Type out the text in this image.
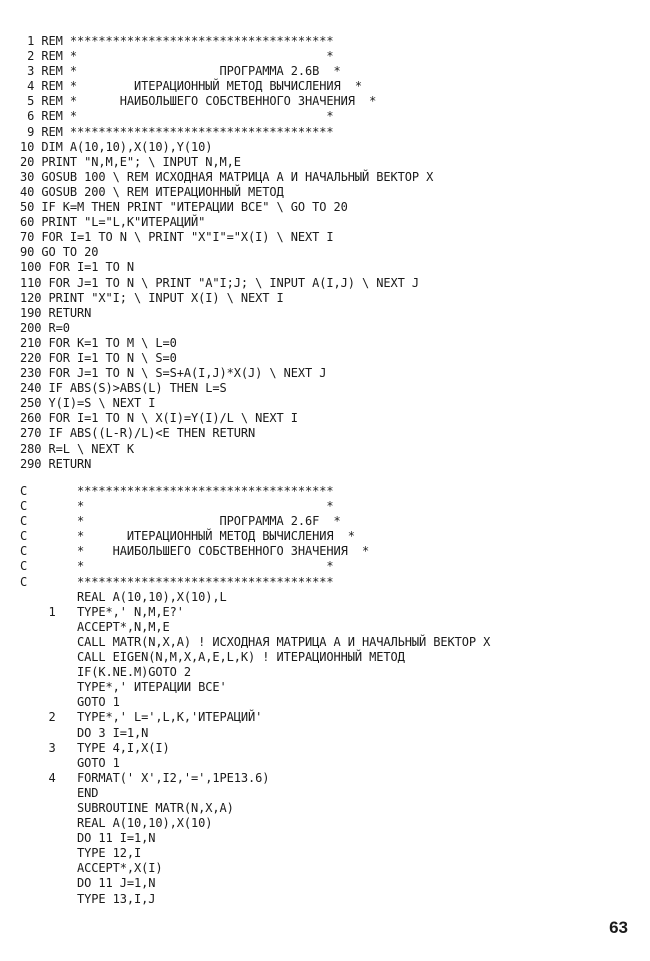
1 REM *************************************
2 REM *                                   *
3 REM *                    ПРОГРАММА 2.6В  *
4 REM *        ИТЕРАЦИОННЫЙ МЕТОД ВЫЧИСЛЕНИЯ  *
5 REM *      НАИБОЛЬШЕГО СОБСТВЕННОГО ЗНАЧЕНИЯ  *
6 REM *                                   *
9 REM *************************************
10 DIM A(10,10),X(10),Y(10)
20 PRINT "N,M,E"; \ INPUT N,M,E
30 GOSUB 100 \ REM ИСХОДНАЯ МАТРИЦА А И НАЧАЛЬНЫЙ ВЕКТОР Х
40 GOSUB 200 \ REM ИТЕРАЦИОННЫЙ МЕТОД
50 IF K=M THEN PRINT "ИТЕРАЦИИ ВСЕ" \ GO TO 20
60 PRINT "L="L,K"ИТЕРАЦИЙ"
70 FOR I=1 TO N \ PRINT "X"I"="X(I) \ NEXT I
90 GO TO 20
100 FOR I=1 TO N
110 FOR J=1 TO N \ PRINT "A"I;J; \ INPUT A(I,J) \ NEXT J
120 PRINT "X"I; \ INPUT X(I) \ NEXT I
190 RETURN
200 R=0
210 FOR K=1 TO M \ L=0
220 FOR I=1 TO N \ S=0
230 FOR J=1 TO N \ S=S+A(I,J)*X(J) \ NEXT J
240 IF ABS(S)>ABS(L) THEN L=S
250 Y(I)=S \ NEXT I
260 FOR I=1 TO N \ X(I)=Y(I)/L \ NEXT I
270 IF ABS((L-R)/L)<E THEN RETURN
280 R=L \ NEXT K
290 RETURN
C       ************************************
C       *                                  *
C       *                   ПРОГРАММА 2.6F  *
C       *      ИТЕРАЦИОННЫЙ МЕТОД ВЫЧИСЛЕНИЯ  *
C       *    НАИБОЛЬШЕГО СОБСТВЕННОГО ЗНАЧЕНИЯ  *
C       *                                  *
C       ************************************
REAL A(10,10),X(10),L
1   TYPE*,' N,M,E?'
ACCEPT*,N,M,E
CALL MATR(N,X,A) ! ИСХОДНАЯ МАТРИЦА А И НАЧАЛЬНЫЙ ВЕКТОР Х
CALL EIGEN(N,M,X,A,E,L,K) ! ИТЕРАЦИОННЫЙ МЕТОД
IF(K.NE.M)GOTO 2
TYPE*,' ИТЕРАЦИИ ВСЕ'
GOTO 1
2   TYPE*,' L=',L,K,'ИТЕРАЦИЙ'
DO 3 I=1,N
3   TYPE 4,I,X(I)
GOTO 1
4   FORMAT(' X',I2,'=',1PE13.6)
END
SUBROUTINE MATR(N,X,A)
REAL A(10,10),X(10)
DO 11 I=1,N
TYPE 12,I
ACCEPT*,X(I)
DO 11 J=1,N
TYPE 13,I,J
63
